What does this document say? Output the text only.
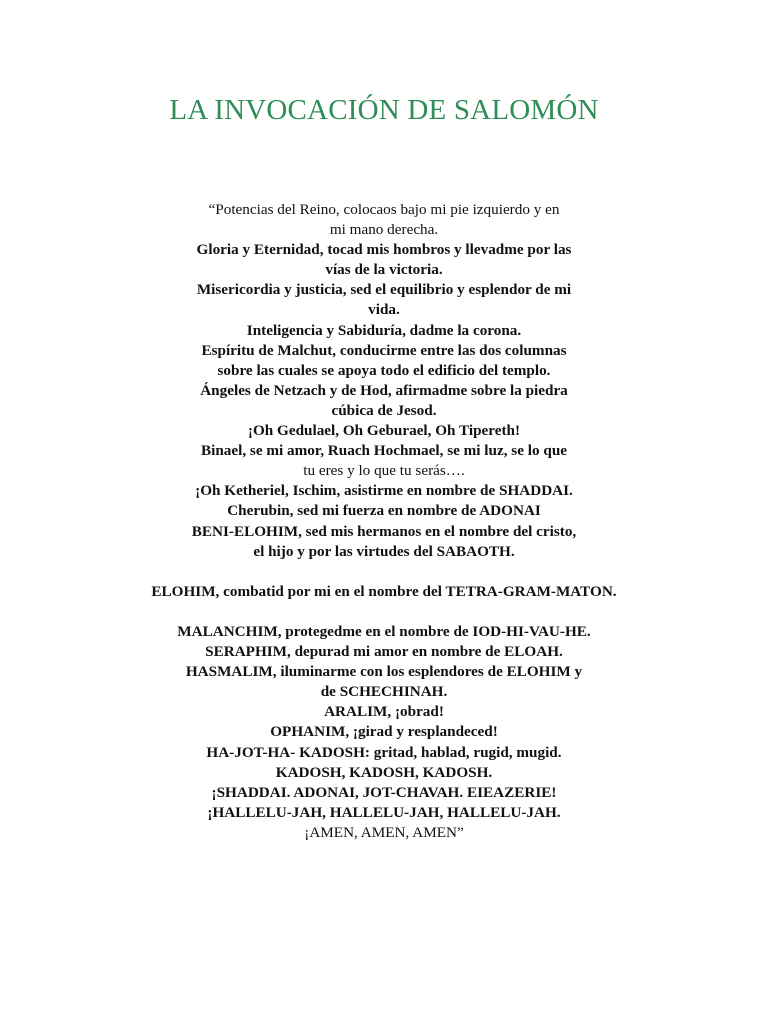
LA INVOCACIÓN DE SALOMÓN
“Potencias del Reino, colocaos bajo mi pie izquierdo y en
mi mano derecha.
Gloria y Eternidad, tocad mis hombros y llevadme por las
vías de la victoria.
Misericordia y justicia, sed el equilibrio y esplendor de mi
vida.
Inteligencia y Sabiduría, dadme la corona.
Espíritu de Malchut, conducirme entre las dos columnas
sobre las cuales se apoya todo el edificio del templo.
Ángeles de Netzach y de Hod, afirmadme sobre la piedra
cúbica de Jesod.
¡Oh Gedulael, Oh Geburael, Oh Tipereth!
Binael, se mi amor, Ruach Hochmael, se mi luz, se lo que
tu eres y lo que tu serás….
¡Oh Ketheriel, Ischim, asistirme en nombre de SHADDAI.
Cherubin, sed mi fuerza en nombre de ADONAI
BENI-ELOHIM, sed mis hermanos en el nombre del cristo,
el hijo y por las virtudes del SABAOTH.
ELOHIM, combatid por mi en el nombre del TETRA-GRAM-MATON.
MALANCHIM, protegedme en el nombre de IOD-HI-VAU-HE.
SERAPHIM, depurad mi amor en nombre de ELOAH.
HASMALIM, iluminarme con los esplendores de ELOHIM y
de SCHECHINAH.
ARALIM, ¡obrad!
OPHANIM, ¡girad y resplandeced!
HA-JOT-HA- KADOSH: gritad, hablad, rugid, mugid.
KADOSH, KADOSH, KADOSH.
¡SHADDAI. ADONAI, JOT-CHAVAH. EIEAZERIE!
¡HALLELU-JAH, HALLELU-JAH, HALLELU-JAH.
¡AMEN, AMEN, AMEN”
